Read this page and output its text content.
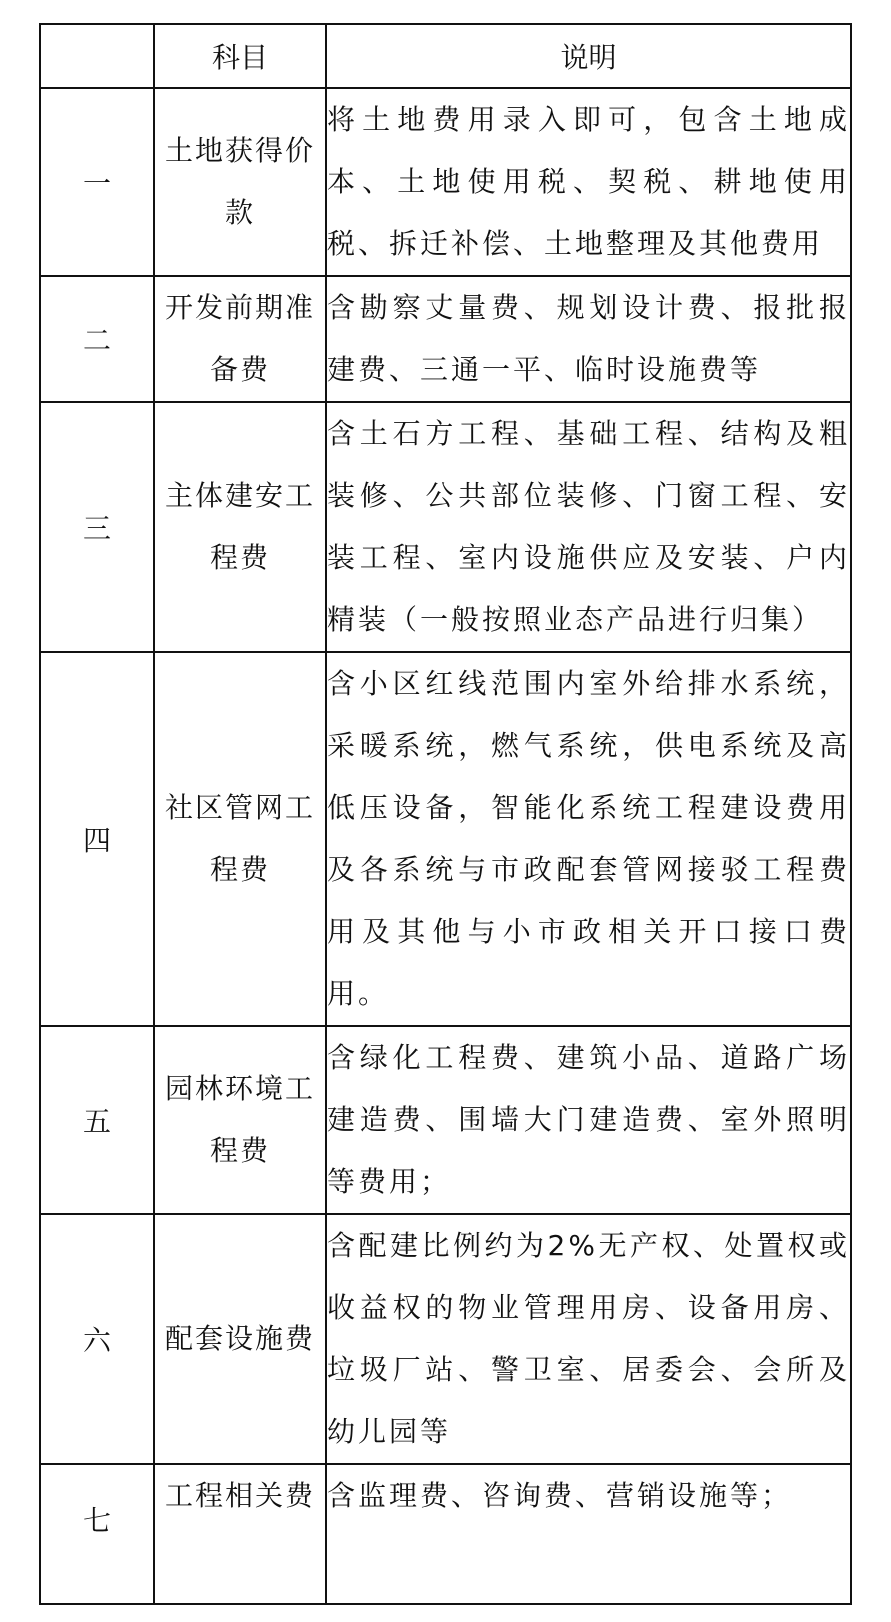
	科目	说明
一	土地获得价款	将土地费用录入即可，包含土地成本、土地使用税、契税、耕地使用税、拆迁补偿、土地整理及其他费用
二	开发前期准备费	含勘察丈量费、规划设计费、报批报建费、三通一平、临时设施费等
三	主体建安工程费	含土石方工程、基础工程、结构及粗装修、公共部位装修、门窗工程、安装工程、室内设施供应及安装、户内精装（一般按照业态产品进行归集）
四	社区管网工程费	含小区红线范围内室外给排水系统，采暖系统，燃气系统，供电系统及高低压设备，智能化系统工程建设费用及各系统与市政配套管网接驳工程费用及其他与小市政相关开口接口费用。
五	园林环境工程费	含绿化工程费、建筑小品、道路广场建造费、围墙大门建造费、室外照明等费用；
六	配套设施费	含配建比例约为2%无产权、处置权或收益权的物业管理用房、设备用房、垃圾厂站、警卫室、居委会、会所及幼儿园等
七	工程相关费	含监理费、咨询费、营销设施等；
